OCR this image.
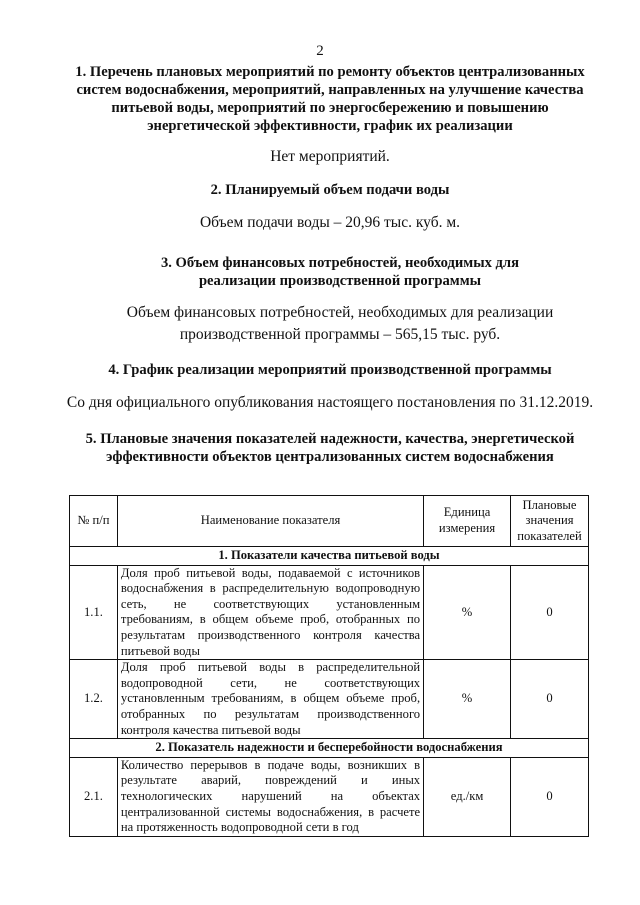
2
1. Перечень плановых мероприятий по ремонту объектов централизованных систем водоснабжения, мероприятий, направленных на улучшение качества питьевой воды, мероприятий по энергосбережению и повышению энергетической эффективности, график их реализации
Нет мероприятий.
2. Планируемый объем подачи воды
Объем подачи воды – 20,96 тыс. куб. м.
3. Объем финансовых потребностей, необходимых для реализации производственной программы
Объем финансовых потребностей, необходимых для реализации производственной программы – 565,15 тыс. руб.
4. График реализации мероприятий производственной программы
Со дня официального опубликования настоящего постановления по 31.12.2019.
5. Плановые значения показателей надежности, качества, энергетической эффективности объектов централизованных систем водоснабжения
№ п/п	Наименование показателя	Единица измерения	Плановые значения показателей
1. Показатели качества питьевой воды			
1.1.	Доля проб питьевой воды, подаваемой с источников водоснабжения в распределительную водопроводную сеть, не соответствующих установленным требованиям, в общем объеме проб, отобранных по результатам производственного контроля качества питьевой воды	%	0
1.2.	Доля проб питьевой воды в распределительной водопроводной сети, не соответствующих установленным требованиям, в общем объеме проб, отобранных по результатам производственного контроля качества питьевой воды	%	0
2. Показатель надежности и бесперебойности водоснабжения			
2.1.	Количество перерывов в подаче воды, возникших в результате аварий, повреждений и иных технологических нарушений на объектах централизованной системы водоснабжения, в расчете на протяженность водопроводной сети в год	ед./км	0
